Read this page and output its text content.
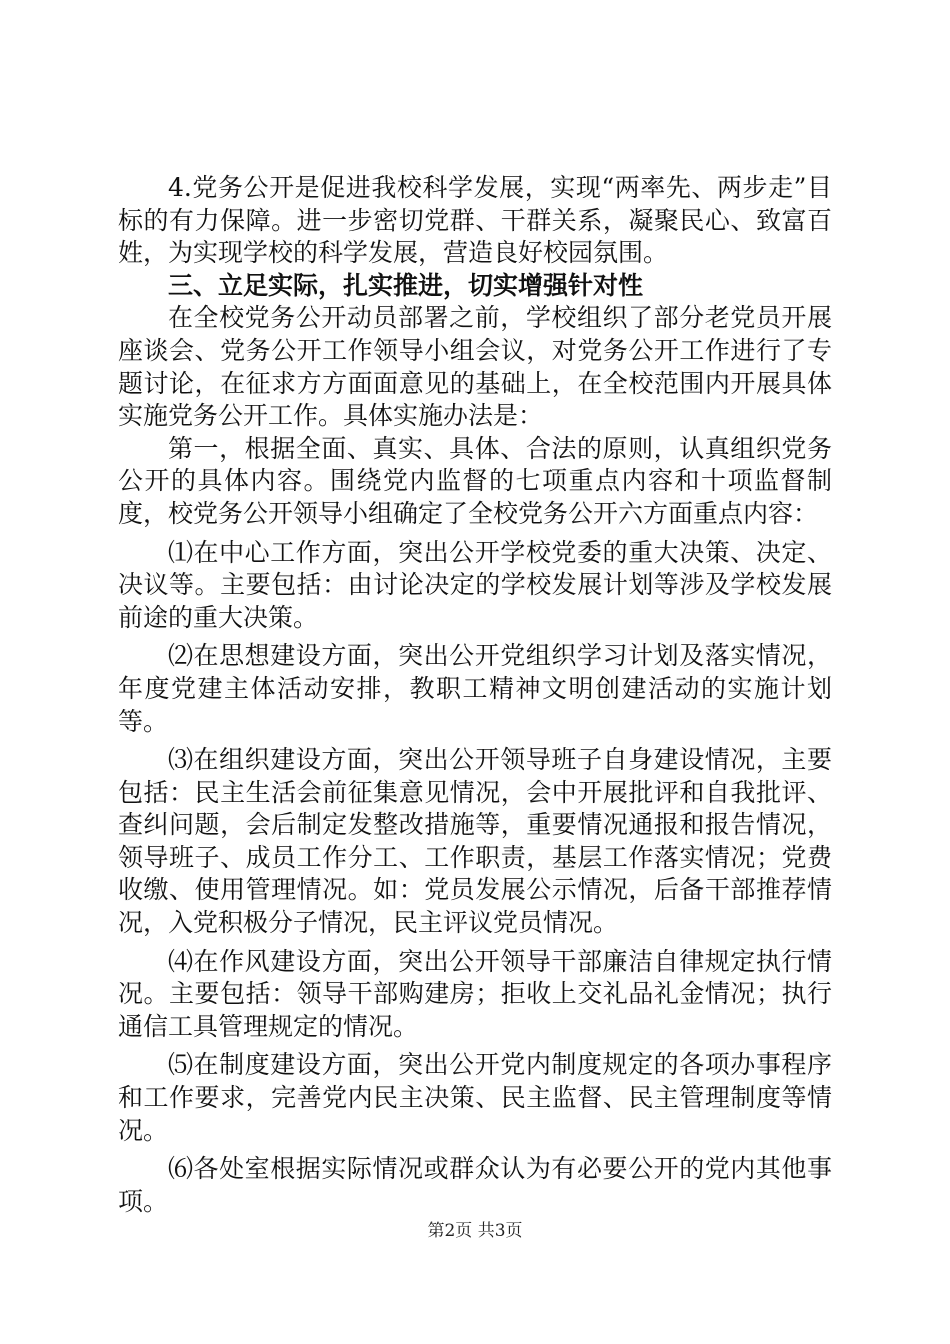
4.党务公开是促进我校科学发展，实现“两率先、两步走”目标的有力保障。进一步密切党群、干群关系，凝聚民心、致富百姓，为实现学校的科学发展，营造良好校园氛围。

三、立足实际，扎实推进，切实增强针对性

在全校党务公开动员部署之前，学校组织了部分老党员开展座谈会、党务公开工作领导小组会议，对党务公开工作进行了专题讨论，在征求方方面面意见的基础上，在全校范围内开展具体实施党务公开工作。具体实施办法是：

第一，根据全面、真实、具体、合法的原则，认真组织党务公开的具体内容。围绕党内监督的七项重点内容和十项监督制度，校党务公开领导小组确定了全校党务公开六方面重点内容：

⑴在中心工作方面，突出公开学校党委的重大决策、决定、决议等。主要包括：由讨论决定的学校发展计划等涉及学校发展前途的重大决策。

⑵在思想建设方面，突出公开党组织学习计划及落实情况，年度党建主体活动安排，教职工精神文明创建活动的实施计划等。

⑶在组织建设方面，突出公开领导班子自身建设情况，主要包括：民主生活会前征集意见情况，会中开展批评和自我批评、查纠问题，会后制定发整改措施等，重要情况通报和报告情况，领导班子、成员工作分工、工作职责，基层工作落实情况；党费收缴、使用管理情况。如：党员发展公示情况，后备干部推荐情况，入党积极分子情况，民主评议党员情况。

⑷在作风建设方面，突出公开领导干部廉洁自律规定执行情况。主要包括：领导干部购建房；拒收上交礼品礼金情况；执行通信工具管理规定的情况。

⑸在制度建设方面，突出公开党内制度规定的各项办事程序和工作要求，完善党内民主决策、民主监督、民主管理制度等情况。

⑹各处室根据实际情况或群众认为有必要公开的党内其他事项。

第2页 共3页
